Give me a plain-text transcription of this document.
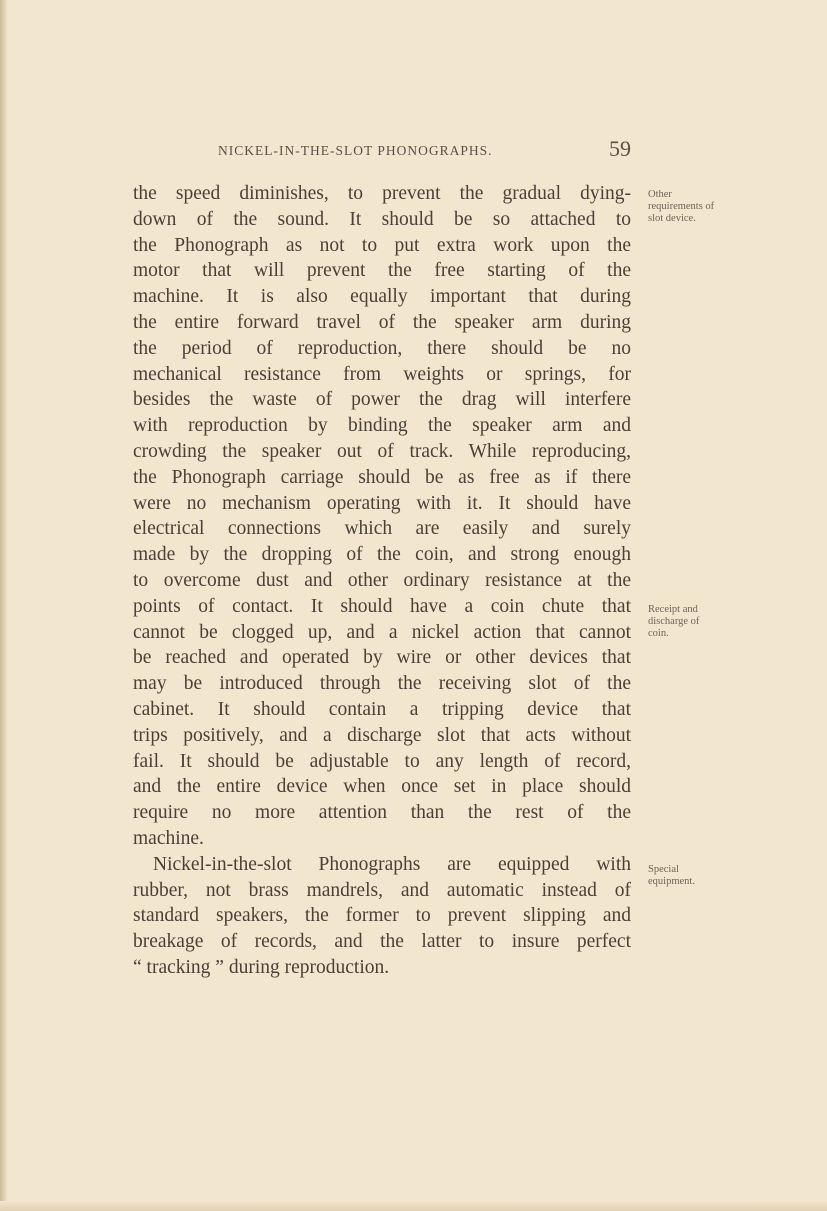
NICKEL-IN-THE-SLOT PHONOGRAPHS.	59
the speed diminishes, to prevent the gradual dying-
down of the sound. It should be so attached to
the Phonograph as not to put extra work upon the
motor that will prevent the free starting of the
machine. It is also equally important that during
the entire forward travel of the speaker arm during
the period of reproduction, there should be no
mechanical resistance from weights or springs, for
besides the waste of power the drag will interfere
with reproduction by binding the speaker arm and
crowding the speaker out of track. While reproducing,
the Phonograph carriage should be as free as if there
were no mechanism operating with it. It should have
electrical connections which are easily and surely
made by the dropping of the coin, and strong enough
to overcome dust and other ordinary resistance at the
points of contact. It should have a coin chute that
cannot be clogged up, and a nickel action that cannot
be reached and operated by wire or other devices that
may be introduced through the receiving slot of the
cabinet. It should contain a tripping device that
trips positively, and a discharge slot that acts without
fail. It should be adjustable to any length of record,
and the entire device when once set in place should
require no more attention than the rest of the
machine.
Nickel-in-the-slot Phonographs are equipped with
rubber, not brass mandrels, and automatic instead of
standard speakers, the former to prevent slipping and
breakage of records, and the latter to insure perfect
“ tracking ” during reproduction.
Other
requirements of
slot device.
Receipt and
discharge of
coin.
Special
equipment.
